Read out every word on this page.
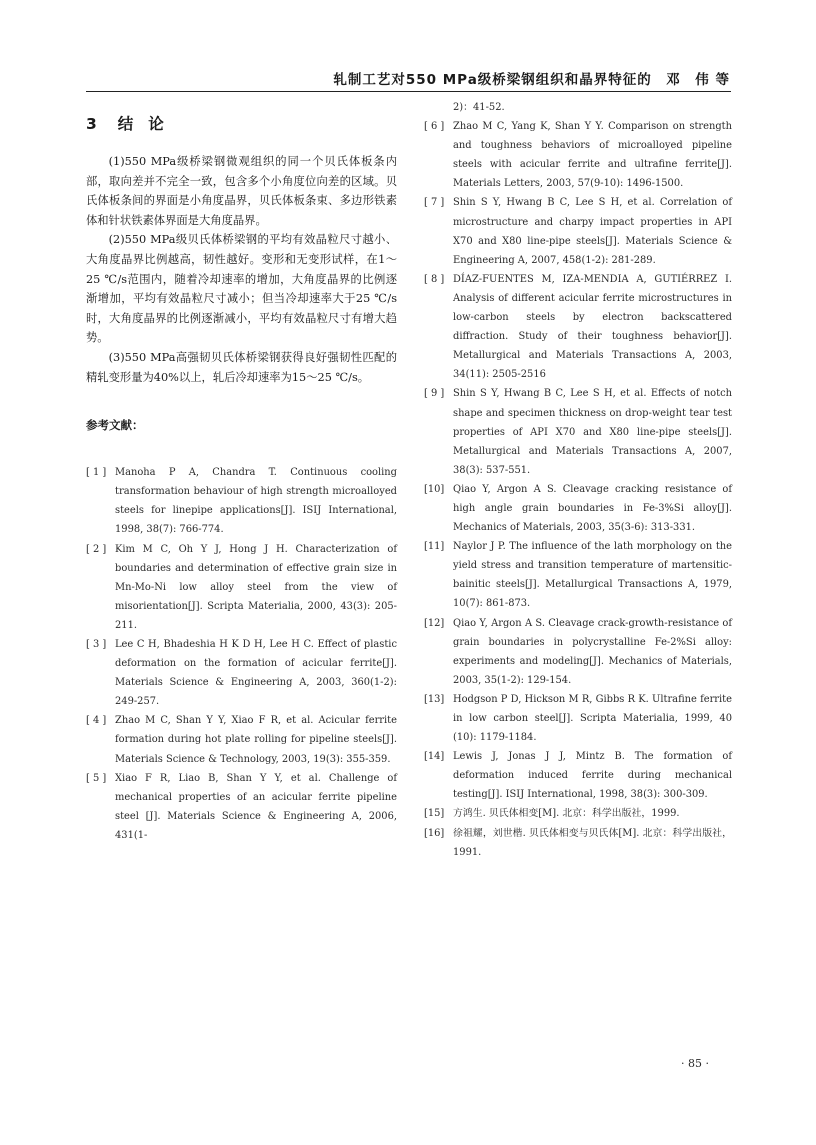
轧制工艺对550 MPa级桥梁钢组织和晶界特征的　邓　伟 等
3 结论

(1)550 MPa级桥梁钢微观组织的同一个贝氏体板条内部，取向差并不完全一致，包含多个小角度位向差的区域。贝氏体板条间的界面是小角度晶界，贝氏体板条束、多边形铁素体和针状铁素体界面是大角度晶界。

(2)550 MPa级贝氏体桥梁钢的平均有效晶粒尺寸越小、大角度晶界比例越高，韧性越好。变形和无变形试样，在1～25 ℃/s范围内，随着冷却速率的增加，大角度晶界的比例逐渐增加，平均有效晶粒尺寸减小；但当冷却速率大于25 ℃/s时，大角度晶界的比例逐渐减小，平均有效晶粒尺寸有增大趋势。

(3)550 MPa高强韧贝氏体桥梁钢获得良好强韧性匹配的精轧变形量为40%以上，轧后冷却速率为15～25 ℃/s。

参考文献：
[ 1 ] Manoha P A, Chandra T. Continuous cooling transformation behaviour of high strength microalloyed steels for linepipe applications[J]. ISIJ International, 1998, 38(7): 766-774.
[ 2 ] Kim M C, Oh Y J, Hong J H. Characterization of boundaries and determination of effective grain size in Mn-Mo-Ni low alloy steel from the view of misorientation[J]. Scripta Materialia, 2000, 43(3): 205-211.
[ 3 ] Lee C H, Bhadeshia H K D H, Lee H C. Effect of plastic deformation on the formation of acicular ferrite[J]. Materials Science & Engineering A, 2003, 360(1-2): 249-257.
[ 4 ] Zhao M C, Shan Y Y, Xiao F R, et al. Acicular ferrite formation during hot plate rolling for pipeline steels[J]. Materials Science & Technology, 2003, 19(3): 355-359.
[ 5 ] Xiao F R, Liao B, Shan Y Y, et al. Challenge of mechanical properties of an acicular ferrite pipeline steel [J]. Materials Science & Engineering A, 2006, 431(1-
2)：41-52.
[ 6 ] Zhao M C, Yang K, Shan Y Y. Comparison on strength and toughness behaviors of microalloyed pipeline steels with acicular ferrite and ultrafine ferrite[J]. Materials Letters, 2003, 57(9-10): 1496-1500.
[ 7 ] Shin S Y, Hwang B C, Lee S H, et al. Correlation of microstructure and charpy impact properties in API X70 and X80 line-pipe steels[J]. Materials Science & Engineering A, 2007, 458(1-2): 281-289.
[ 8 ] DÍAZ-FUENTES M, IZA-MENDIA A, GUTIÉRREZ I. Analysis of different acicular ferrite microstructures in low-carbon steels by electron backscattered diffraction. Study of their toughness behavior[J]. Metallurgical and Materials Transactions A, 2003, 34(11): 2505-2516
[ 9 ] Shin S Y, Hwang B C, Lee S H, et al. Effects of notch shape and specimen thickness on drop-weight tear test properties of API X70 and X80 line-pipe steels[J]. Metallurgical and Materials Transactions A, 2007, 38(3): 537-551.
[10] Qiao Y, Argon A S. Cleavage cracking resistance of high angle grain boundaries in Fe-3%Si alloy[J]. Mechanics of Materials, 2003, 35(3-6): 313-331.
[11] Naylor J P. The influence of the lath morphology on the yield stress and transition temperature of martensitic-bainitic steels[J]. Metallurgical Transactions A, 1979, 10(7): 861-873.
[12] Qiao Y, Argon A S. Cleavage crack-growth-resistance of grain boundaries in polycrystalline Fe-2%Si alloy: experiments and modeling[J]. Mechanics of Materials, 2003, 35(1-2): 129-154.
[13] Hodgson P D, Hickson M R, Gibbs R K. Ultrafine ferrite in low carbon steel[J]. Scripta Materialia, 1999, 40 (10): 1179-1184.
[14] Lewis J, Jonas J J, Mintz B. The formation of deformation induced ferrite during mechanical testing[J]. ISIJ International, 1998, 38(3): 300-309.
[15] 方鸿生. 贝氏体相变[M]. 北京：科学出版社，1999.
[16] 徐祖耀，刘世楷. 贝氏体相变与贝氏体[M]. 北京：科学出版社，1991.
· 85 ·
